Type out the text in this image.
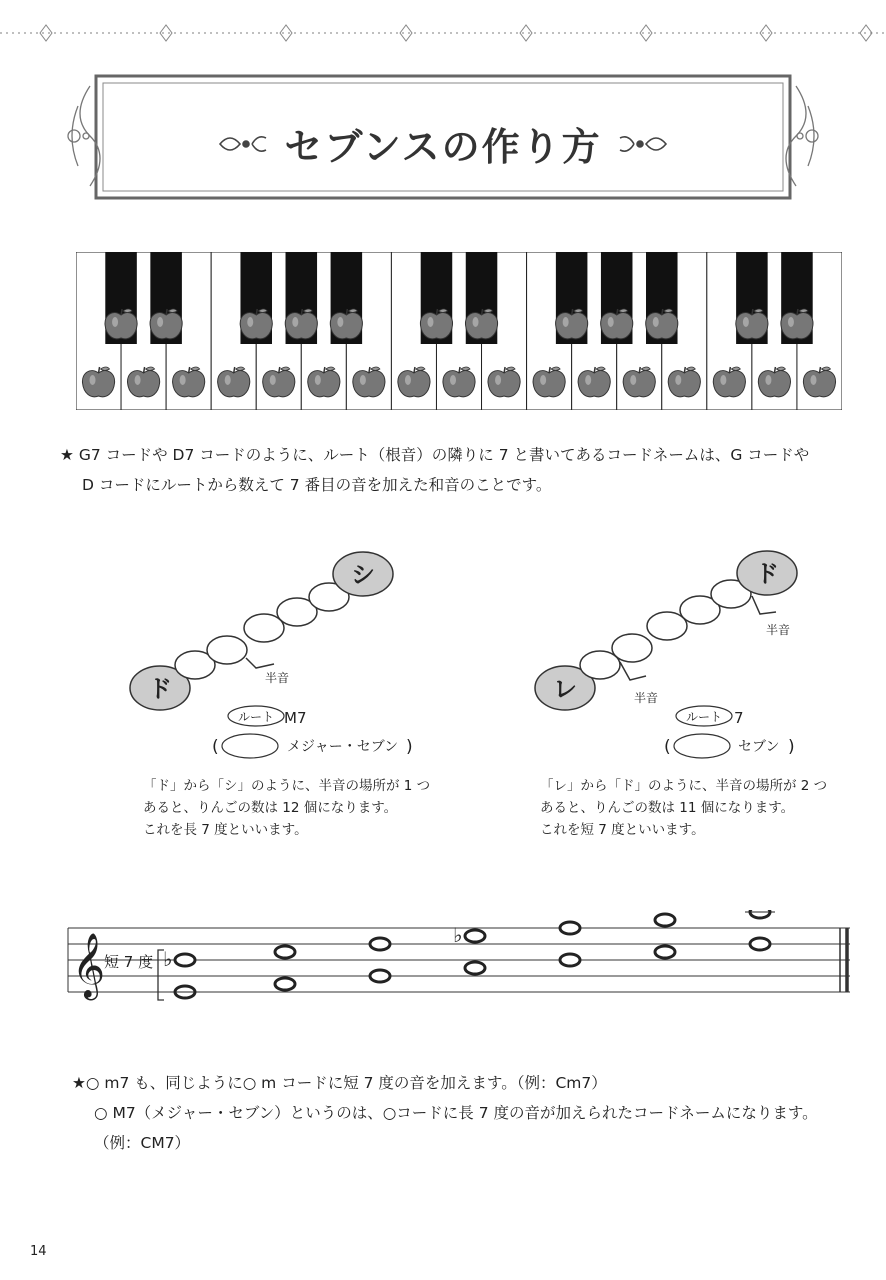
セブンスの作り方
★ G7 コードや D7 コードのように、ルート（根音）の隣りに 7 と書いてあるコードネームは、G コードや
D コードにルートから数えて 7 番目の音を加えた和音のことです。
ド
シ
半音
ルート M7
(	メジャー・セブン )
レ
ド
半音
半音
ルート 7
(	セブン )
「ド」から「シ」のように、半音の場所が 1 つ
あると、りんごの数は 12 個になります。
これを長 7 度といいます。
「レ」から「ド」のように、半音の場所が 2 つ
あると、りんごの数は 11 個になります。
これを短 7 度といいます。
𝄞
短 7 度 ♭
♭
★○ m7 も、同じように○ m コードに短 7 度の音を加えます。（例：Cm7）
○ M7（メジャー・セブン）というのは、○コードに長 7 度の音が加えられたコードネームになります。
（例：CM7）
14
